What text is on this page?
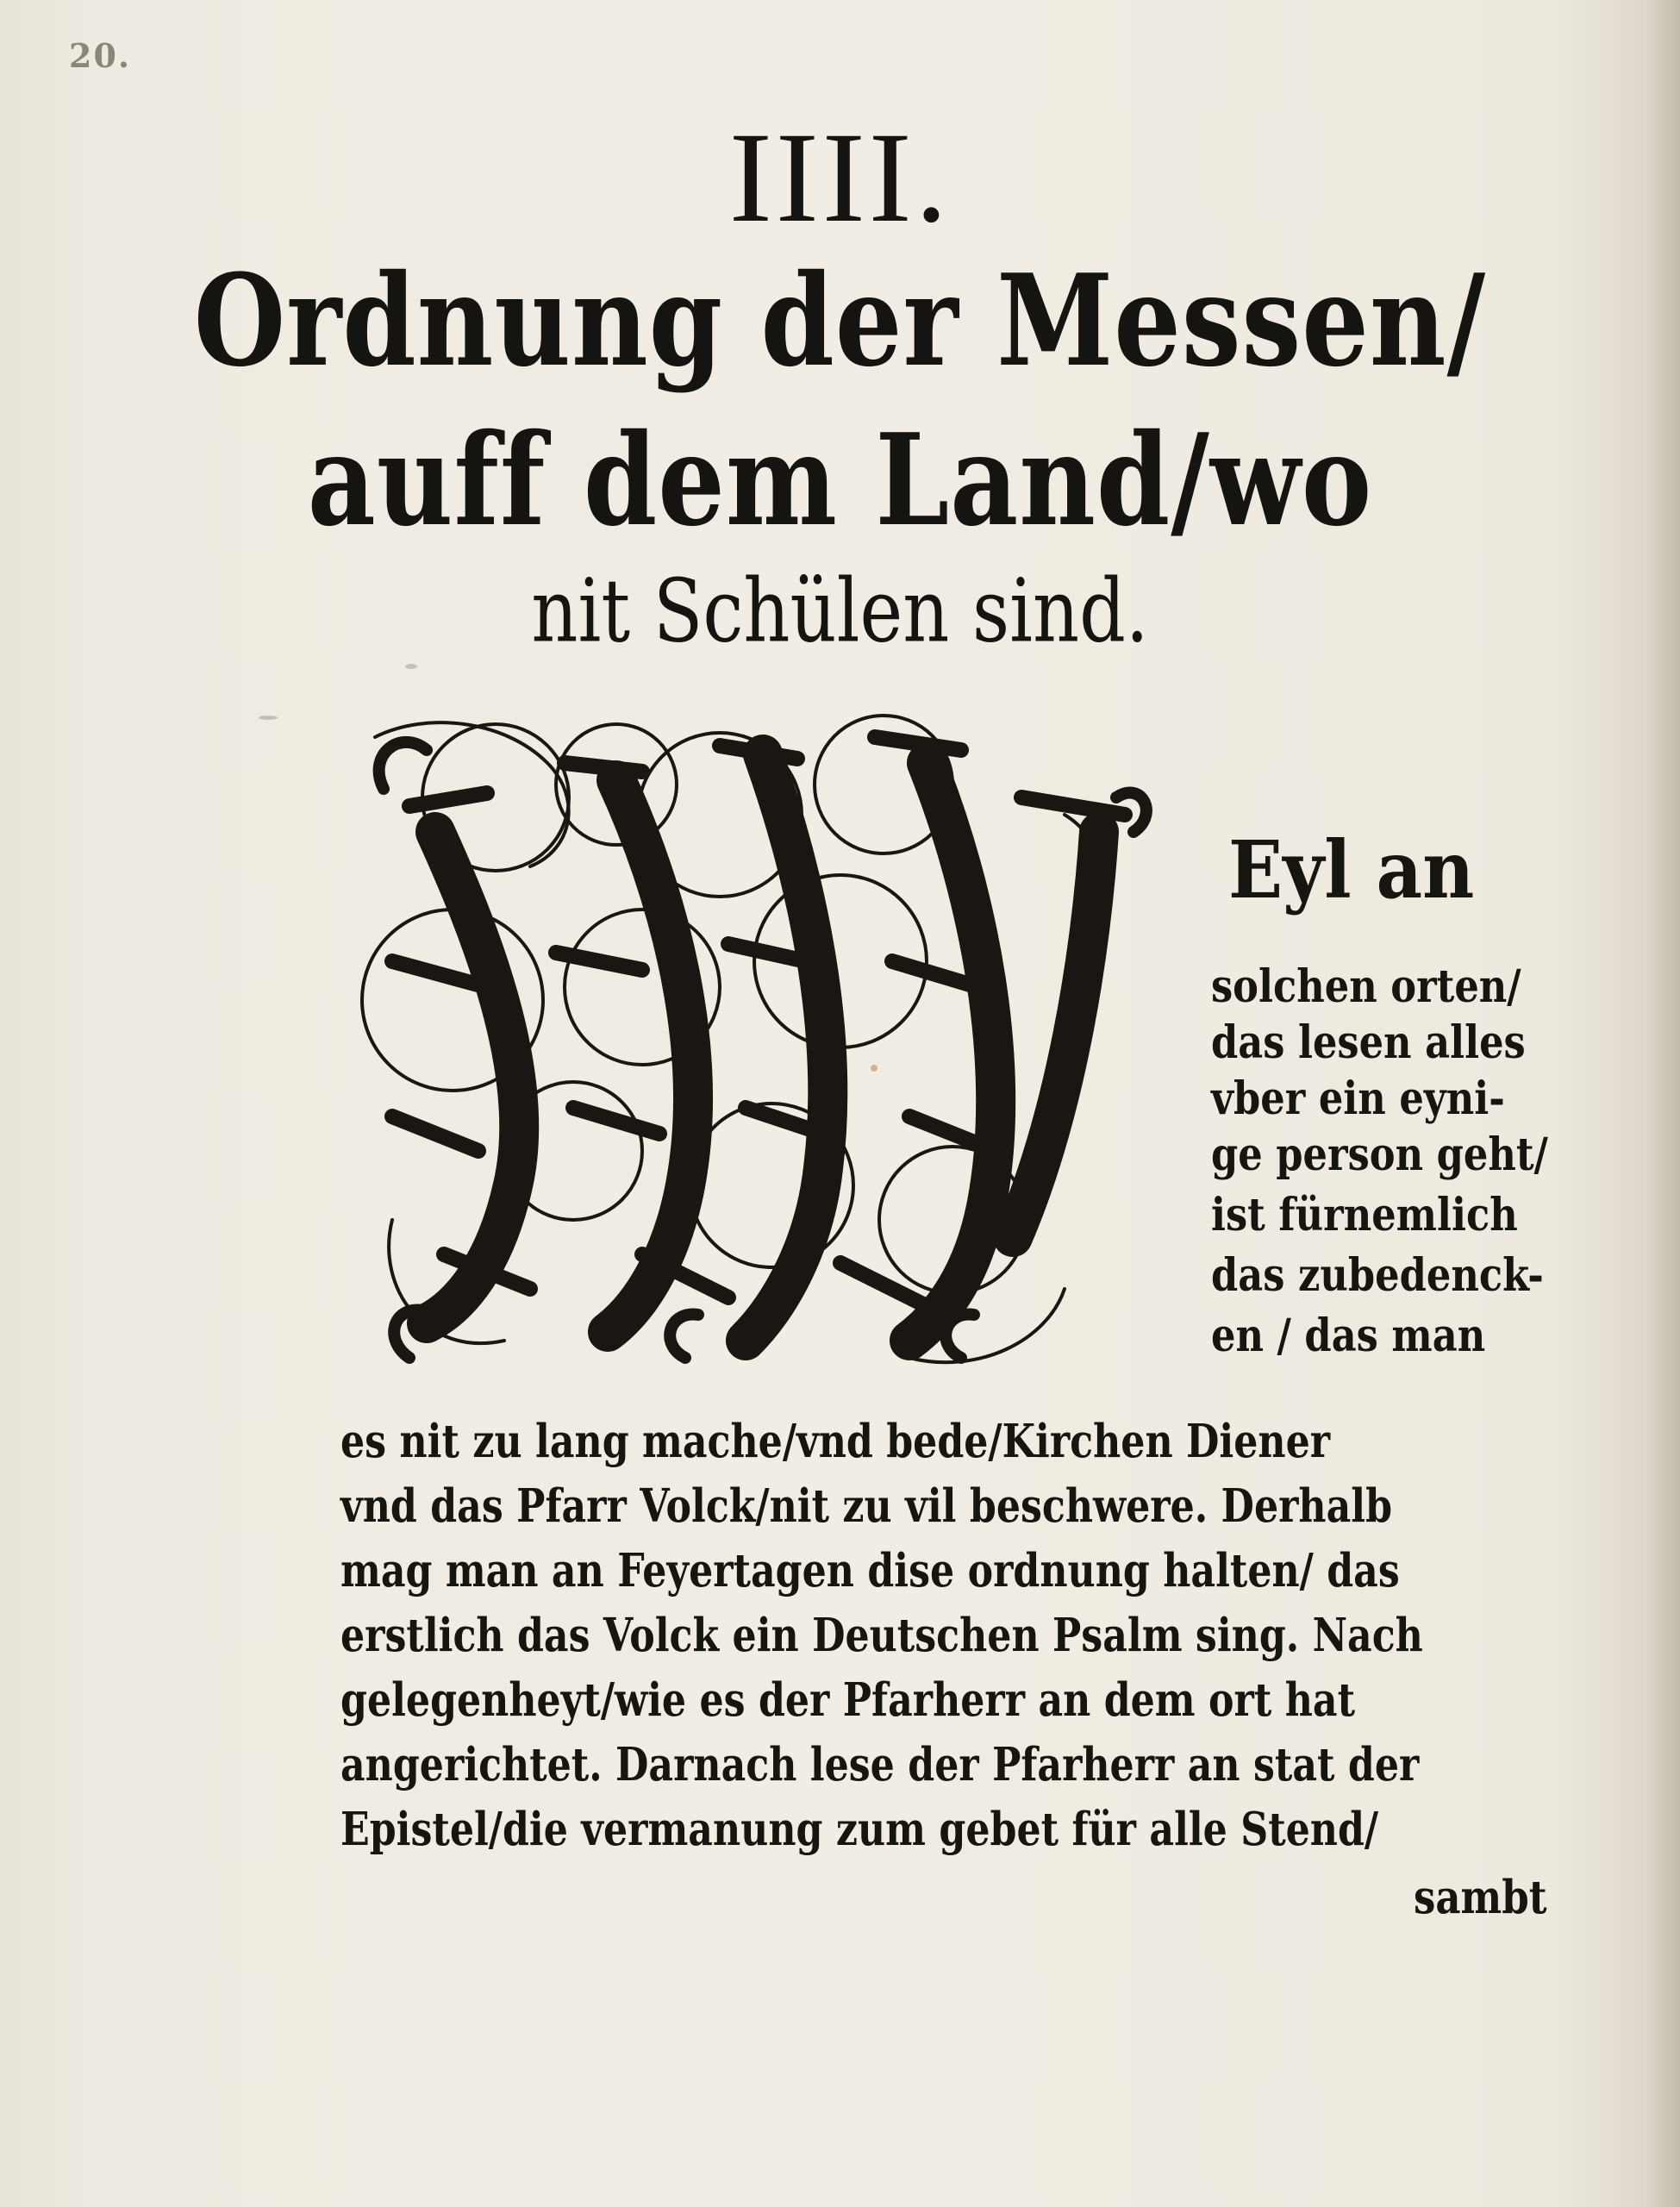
20.
IIII.
Ordnung der Messen/
auff dem Land/wo
nit Schülen sind.
Eyl an
solchen orten/
das lesen alles
vber ein eyni-
ge person geht/
ist fürnemlich
das zubedenck-
en / das man
es nit zu lang mache/vnd bede/Kirchen Diener
vnd das Pfarr Volck/nit zu vil beschwere. Derhalb
mag man an Feyertagen dise ordnung halten/ das
erstlich das Volck ein Deutschen Psalm sing. Nach
gelegenheyt/wie es der Pfarherr an dem ort hat
angerichtet. Darnach lese der Pfarherr an stat der
Epistel/die vermanung zum gebet für alle Stend/
sambt
